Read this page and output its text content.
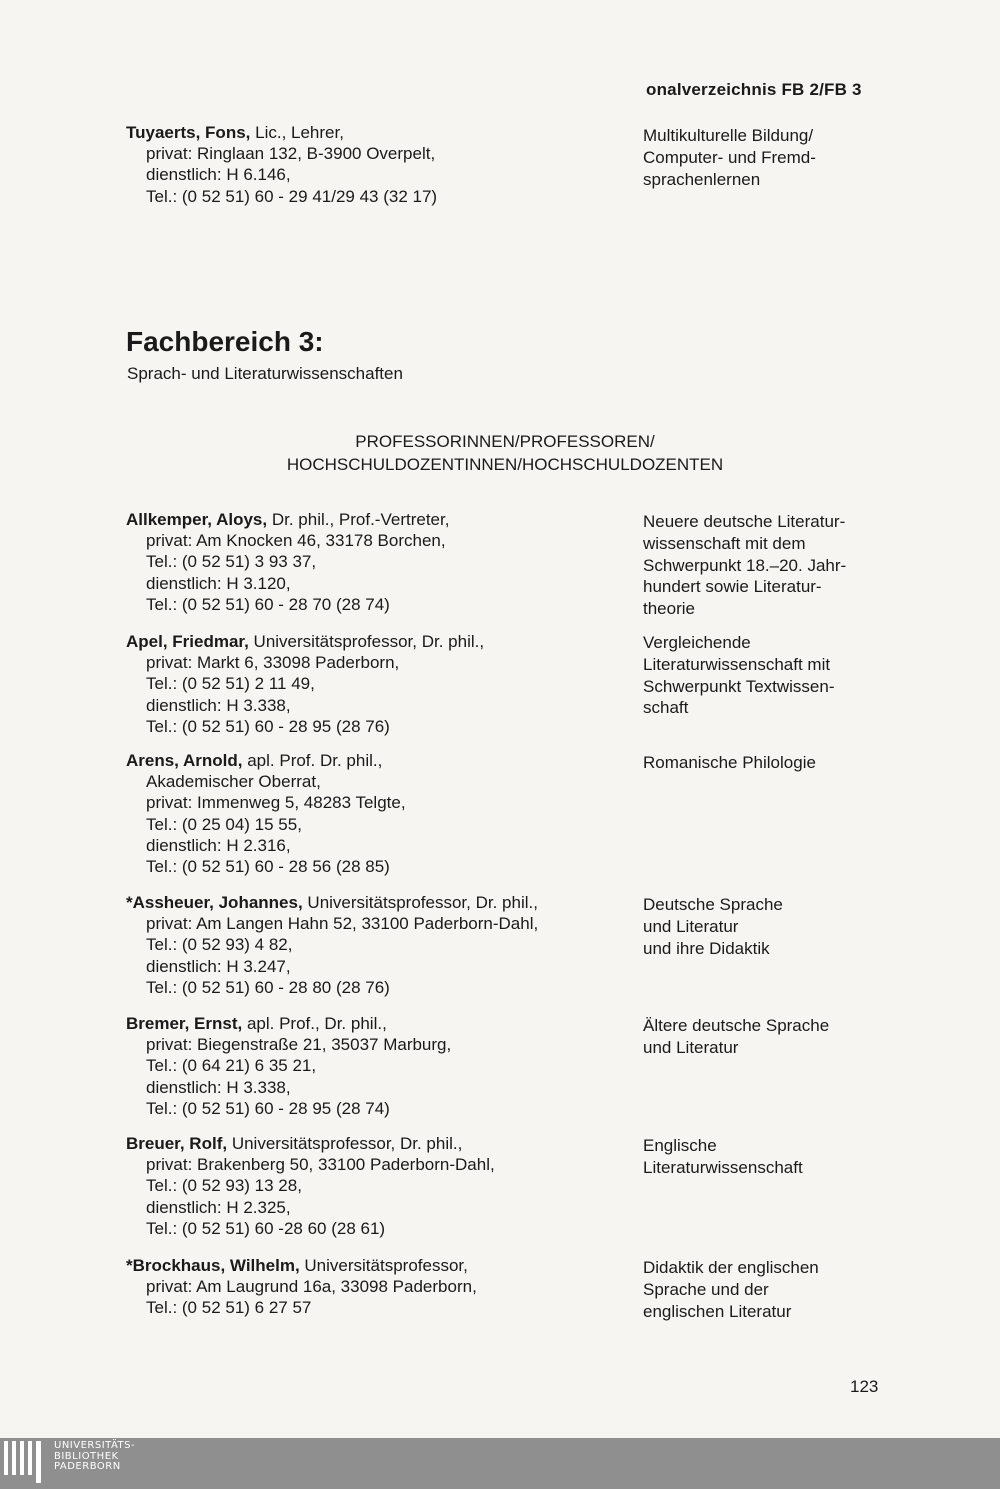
onalverzeichnis FB 2/FB 3
Tuyaerts, Fons, Lic., Lehrer,
privat: Ringlaan 132, B-3900 Overpelt,
dienstlich: H 6.146,
Tel.: (0 52 51) 60 - 29 41/29 43 (32 17)
Multikulturelle Bildung/
Computer- und Fremd-
sprachenlernen
Fachbereich 3:
Sprach- und Literaturwissenschaften
PROFESSORINNEN/PROFESSOREN/
HOCHSCHULDOZENTINNEN/HOCHSCHULDOZENTEN
Allkemper, Aloys, Dr. phil., Prof.-Vertreter,
privat: Am Knocken 46, 33178 Borchen,
Tel.: (0 52 51) 3 93 37,
dienstlich: H 3.120,
Tel.: (0 52 51) 60 - 28 70 (28 74)
Neuere deutsche Literatur-
wissenschaft mit dem
Schwerpunkt 18.–20. Jahr-
hundert sowie Literatur-
theorie
Apel, Friedmar, Universitätsprofessor, Dr. phil.,
privat: Markt 6, 33098 Paderborn,
Tel.: (0 52 51) 2 11 49,
dienstlich: H 3.338,
Tel.: (0 52 51) 60 - 28 95 (28 76)
Vergleichende
Literaturwissenschaft mit
Schwerpunkt Textwissen-
schaft
Arens, Arnold, apl. Prof. Dr. phil.,
Akademischer Oberrat,
privat: Immenweg 5, 48283 Telgte,
Tel.: (0 25 04) 15 55,
dienstlich: H 2.316,
Tel.: (0 52 51) 60 - 28 56 (28 85)
Romanische Philologie
*Assheuer, Johannes, Universitätsprofessor, Dr. phil.,
privat: Am Langen Hahn 52, 33100 Paderborn-Dahl,
Tel.: (0 52 93) 4 82,
dienstlich: H 3.247,
Tel.: (0 52 51) 60 - 28 80 (28 76)
Deutsche Sprache
und Literatur
und ihre Didaktik
Bremer, Ernst, apl. Prof., Dr. phil.,
privat: Biegenstraße 21, 35037 Marburg,
Tel.: (0 64 21) 6 35 21,
dienstlich: H 3.338,
Tel.: (0 52 51) 60 - 28 95 (28 74)
Ältere deutsche Sprache
und Literatur
Breuer, Rolf, Universitätsprofessor, Dr. phil.,
privat: Brakenberg 50, 33100 Paderborn-Dahl,
Tel.: (0 52 93) 13 28,
dienstlich: H 2.325,
Tel.: (0 52 51) 60 -28 60 (28 61)
Englische
Literaturwissenschaft
*Brockhaus, Wilhelm, Universitätsprofessor,
privat: Am Laugrund 16a, 33098 Paderborn,
Tel.: (0 52 51) 6 27 57
Didaktik der englischen
Sprache und der
englischen Literatur
123
UNIVERSITÄTS-
BIBLIOTHEK
PADERBORN
